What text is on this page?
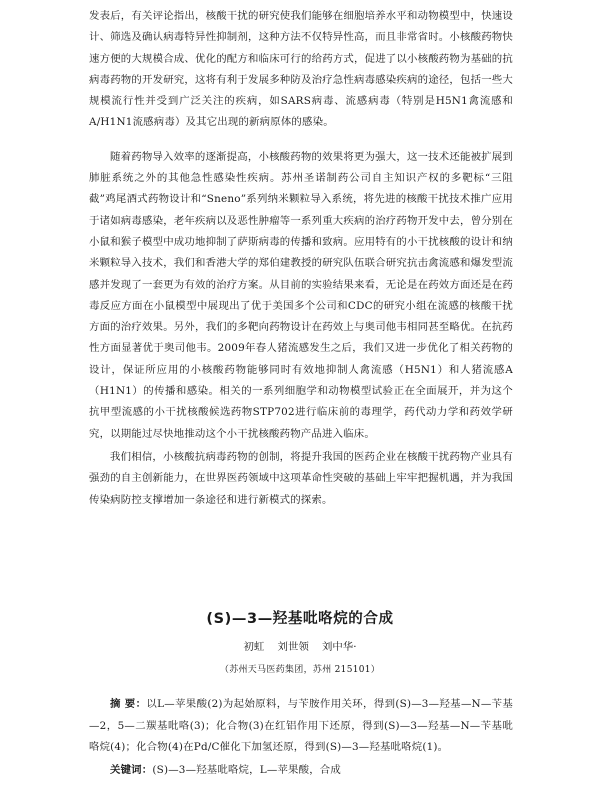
发表后，有关评论指出，核酸干扰的研究使我们能够在细胞培养水平和动物模型中，快速设计、筛选及确认病毒特异性抑制剂，这种方法不仅特异性高，而且非常省时。小核酸药物快速方便的大规模合成、优化的配方和临床可行的给药方式，促进了以小核酸药物为基础的抗病毒药物的开发研究，这将有利于发展多种防及治疗急性病毒感染疾病的途径，包括一些大规模流行性并受到广泛关注的疾病，如SARS病毒、流感病毒（特别是H5N1禽流感和A/H1N1流感病毒）及其它出现的新病原体的感染。

随着药物导入效率的逐渐提高，小核酸药物的效果将更为强大，这一技术还能被扩展到肺脏系统之外的其他急性感染性疾病。苏州圣诺制药公司自主知识产权的多靶标“三阻截”鸡尾酒式药物设计和“Sneno”系列纳米颗粒导入系统，将先进的核酸干扰技术推广应用于诸如病毒感染，老年疾病以及恶性肿瘤等一系列重大疾病的治疗药物开发中去，曾分别在小鼠和猴子模型中成功地抑制了萨斯病毒的传播和致病。应用特有的小干扰核酸的设计和纳米颗粒导入技术，我们和香港大学的郑伯建教授的研究队伍联合研究抗击禽流感和爆发型流感并发现了一套更为有效的治疗方案。从目前的实验结果来看，无论是在药效方面还是在药毒反应方面在小鼠模型中展现出了优于美国多个公司和CDC的研究小组在流感的核酸干扰方面的治疗效果。另外，我们的多靶向药物设计在药效上与奥司他韦相同甚至略优。在抗药性方面显著优于奥司他韦。2009年春人猪流感发生之后，我们又进一步优化了相关药物的设计，保证所应用的小核酸药物能够同时有效地抑制人禽流感（H5N1）和人猪流感A（H1N1）的传播和感染。相关的一系列细胞学和动物模型试验正在全面展开，并为这个抗甲型流感的小干扰核酸候选药物STP702进行临床前的毒理学，药代动力学和药效学研究，以期能过尽快地推动这个小干扰核酸药物产品进入临床。

我们相信，小核酸抗病毒药物的创制，将提升我国的医药企业在核酸干扰药物产业具有强劲的自主创新能力，在世界医药领域中这项革命性突破的基础上牢牢把握机遇，并为我国传染病防控支撑增加一条途径和进行新模式的探索。

(S)—3—羟基吡咯烷的合成
初虹 刘世领 刘中华·
（苏州天马医药集团，苏州 215101）

摘 要：以L—苹果酸(2)为起始原料，与苄胺作用关环，得到(S)—3—羟基—N—苄基—2，5—二羰基吡咯(3)；化合物(3)在红铝作用下还原，得到(S)—3—羟基—N—苄基吡咯烷(4)；化合物(4)在Pd/C催化下加氢还原，得到(S)—3—羟基吡咯烷(1)。

关键词：(S)—3—羟基吡咯烷，L—苹果酸，合成
